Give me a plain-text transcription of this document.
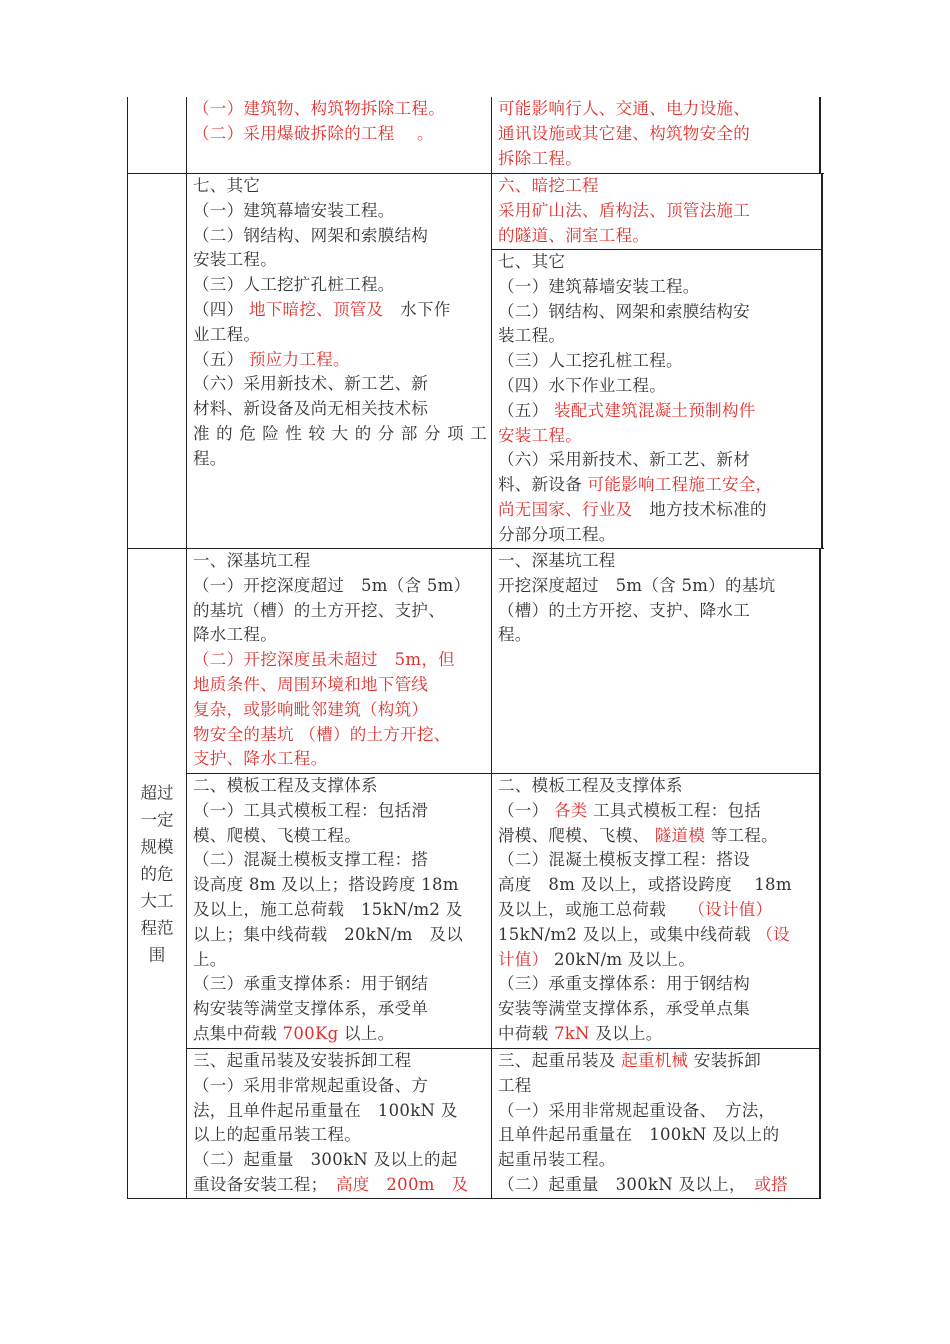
（一）建筑物、构筑物拆除工程。
（二）采用爆破拆除的工程　 。
可能影响行人、交通、电力设施、
通讯设施或其它建、构筑物安全的
拆除工程。
七、其它
（一）建筑幕墙安装工程。
（二）钢结构、网架和索膜结构
安装工程。
（三）人工挖扩孔桩工程。
（四） 地下暗挖、顶管及　水下作
业工程。
（五） 预应力工程。
（六）采用新技术、新工艺、新
材料、新设备及尚无相关技术标
准的危险性较大的分部分项工
程。
六、暗挖工程
采用矿山法、盾构法、顶管法施工
的隧道、洞室工程。
七、其它
（一）建筑幕墙安装工程。
（二）钢结构、网架和索膜结构安
装工程。
（三）人工挖孔桩工程。
（四）水下作业工程。
（五） 装配式建筑混凝土预制构件
安装工程。
（六）采用新技术、新工艺、新材
料、新设备 可能影响工程施工安全，
尚无国家、行业及　地方技术标准的
分部分项工程。
超过
一定
规模
的危
大工
程范
围
一、深基坑工程
（一）开挖深度超过　5m（含 5m）
的基坑（槽）的土方开挖、支护、
降水工程。
（二）开挖深度虽未超过　5m，但
地质条件、周围环境和地下管线
复杂，或影响毗邻建筑（构筑）
物安全的基坑 （槽）的土方开挖、
支护、降水工程。
一、深基坑工程
开挖深度超过　5m（含 5m）的基坑
（槽）的土方开挖、支护、降水工
程。
二、模板工程及支撑体系
（一）工具式模板工程：包括滑
模、爬模、飞模工程。
（二）混凝土模板支撑工程：搭
设高度 8m 及以上；搭设跨度 18m
及以上，施工总荷载　15kN/m2 及
以上；集中线荷载　20kN/m　及以
上。
（三）承重支撑体系：用于钢结
构安装等满堂支撑体系，承受单
点集中荷载 700Kg 以上。
二、模板工程及支撑体系
（一） 各类 工具式模板工程：包括
滑模、爬模、飞模、 隧道模 等工程。
（二）混凝土模板支撑工程：搭设
高度　8m 及以上，或搭设跨度　 18m
及以上，或施工总荷载　 （设计值）
15kN/m2 及以上，或集中线荷载 （设
计值） 20kN/m 及以上。
（三）承重支撑体系：用于钢结构
安装等满堂支撑体系，承受单点集
中荷载 7kN 及以上。
三、起重吊装及安装拆卸工程
（一）采用非常规起重设备、方
法，且单件起吊重量在　100kN 及
以上的起重吊装工程。
（二）起重量　300kN 及以上的起
重设备安装工程；　高度　200m　及
三、起重吊装及 起重机械 安装拆卸
工程
（一）采用非常规起重设备、　方法，
且单件起吊重量在　100kN 及以上的
起重吊装工程。
（二）起重量　300kN 及以上，　或搭
